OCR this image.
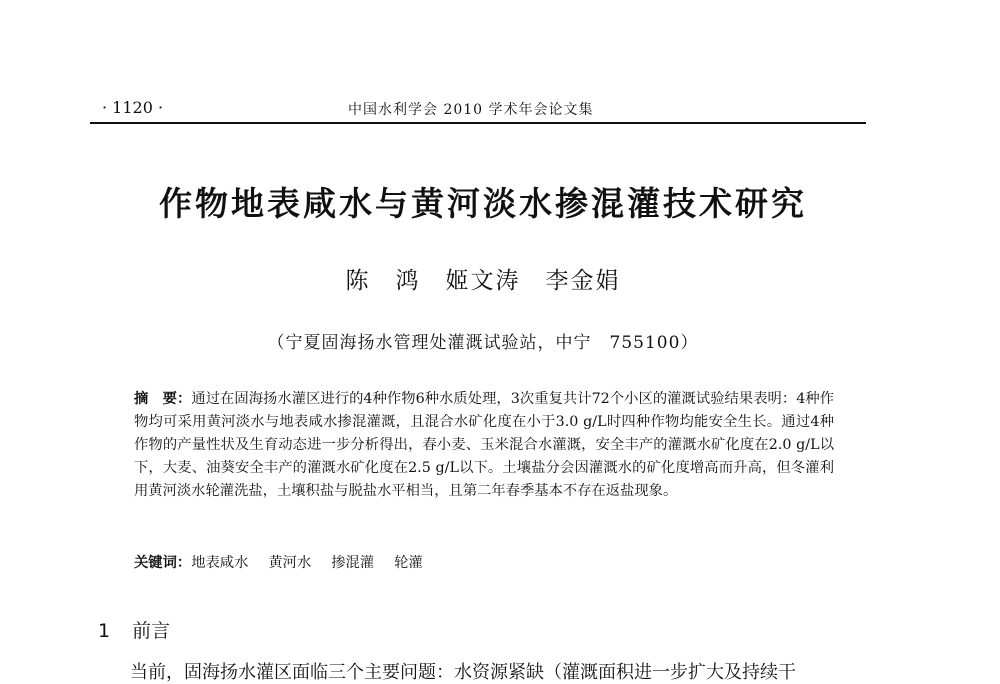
· 1120 ·	中国水利学会 2010 学术年会论文集
作物地表咸水与黄河淡水掺混灌技术研究
陈　鸿　姬文涛　李金娟
（宁夏固海扬水管理处灌溉试验站，中宁　755100）
摘　要：通过在固海扬水灌区进行的4种作物6种水质处理，3次重复共计72个小区的灌溉试验结果表明：4种作物均可采用黄河淡水与地表咸水掺混灌溉，且混合水矿化度在小于3.0 g/L时四种作物均能安全生长。通过4种作物的产量性状及生育动态进一步分析得出，春小麦、玉米混合水灌溉，安全丰产的灌溉水矿化度在2.0 g/L以下，大麦、油葵安全丰产的灌溉水矿化度在2.5 g/L以下。土壤盐分会因灌溉水的矿化度增高而升高，但冬灌利用黄河淡水轮灌洗盐，土壤积盐与脱盐水平相当，且第二年春季基本不存在返盐现象。
关键词：地表咸水 黄河水 掺混灌 轮灌
1 前言
当前，固海扬水灌区面临三个主要问题：水资源紧缺（灌溉面积进一步扩大及持续干
